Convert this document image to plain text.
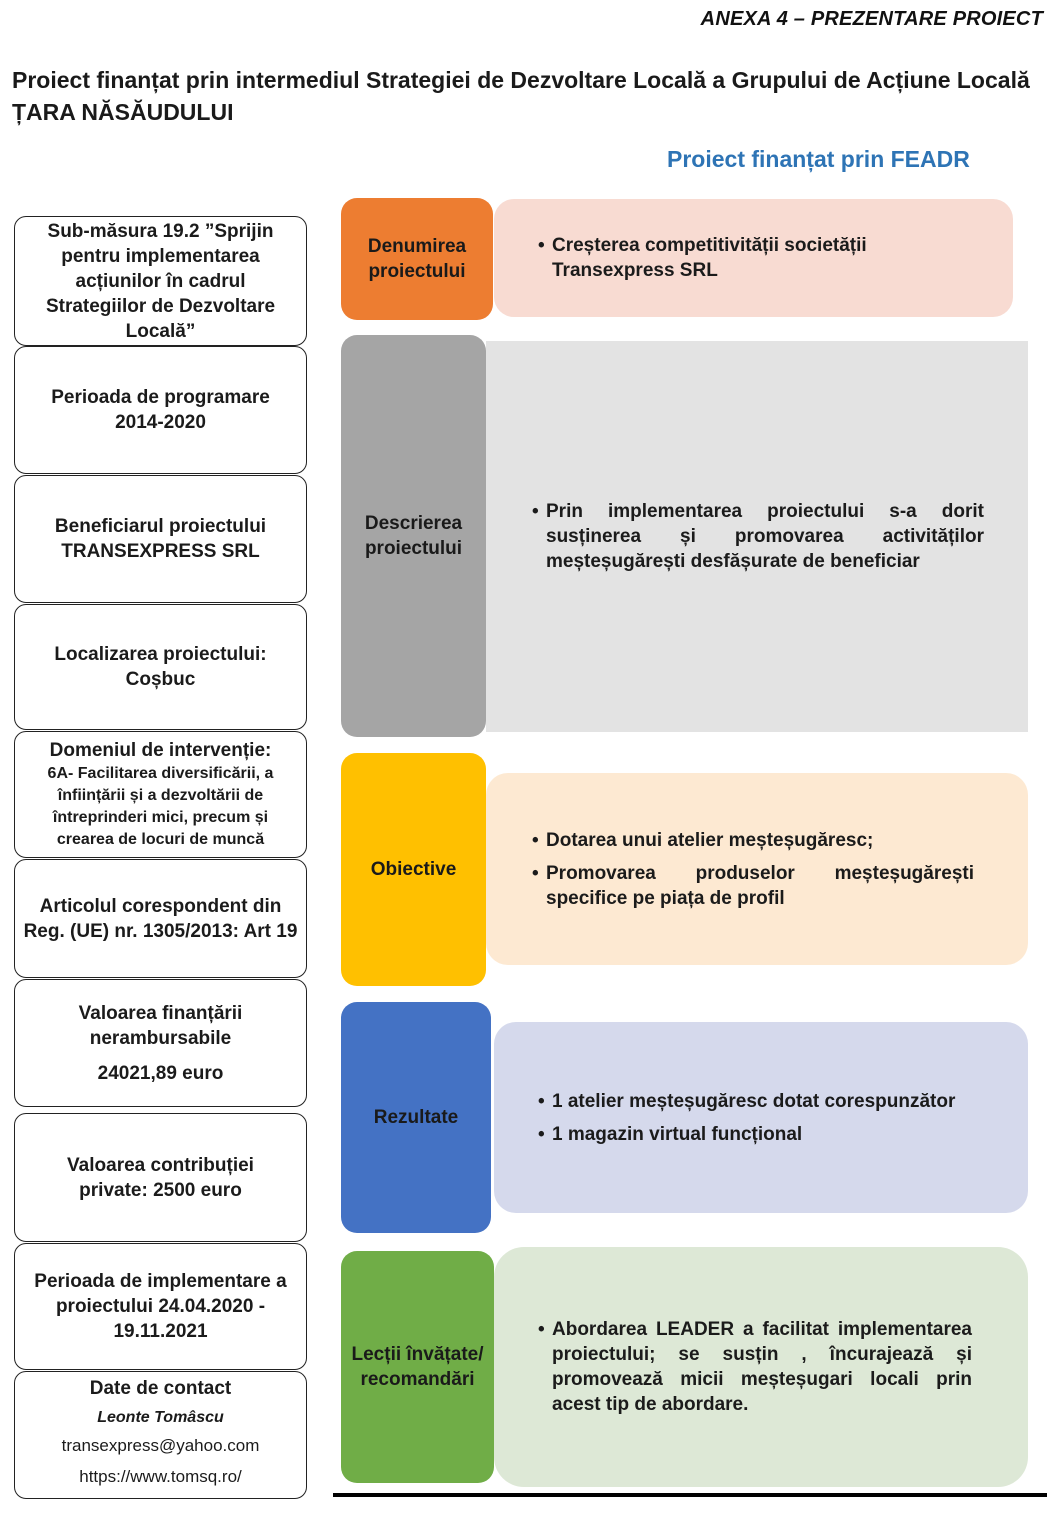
ANEXA 4 – PREZENTARE PROIECT
Proiect finanțat prin intermediul Strategiei de Dezvoltare Locală a Grupului de Acțiune Locală ȚARA NĂSĂUDULUI
Proiect finanțat prin FEADR
Sub-măsura 19.2 ”Sprijin pentru implementarea acțiunilor în cadrul Strategiilor de Dezvoltare Locală”
Perioada de programare 2014-2020
Beneficiarul proiectului
TRANSEXPRESS SRL
Localizarea proiectului:
Coșbuc
Domeniul de intervenție:
6A- Facilitarea diversificării, a înființării și a dezvoltării de întreprinderi mici, precum și crearea de locuri de muncă
Articolul corespondent din Reg. (UE) nr. 1305/2013: Art 19
Valoarea finanțării nerambursabile
24021,89 euro
Valoarea contribuției private: 2500 euro
Perioada de implementare a proiectului 24.04.2020 - 19.11.2021
Date de contact
Leonte Tomâscu
transexpress@yahoo.com
https://www.tomsq.ro/
• Creșterea competitivității societății Transexpress SRL
Denumirea proiectului
• Prin implementarea proiectului s-a dorit susținerea și promovarea activităților meșteșugărești desfășurate de beneficiar
Descrierea proiectului
• Dotarea unui atelier meșteșugăresc;
• Promovarea produselor meșteșugărești specifice pe piața de profil
Obiective
• 1 atelier meșteșugăresc dotat corespunzător
• 1 magazin virtual funcțional
Rezultate
• Abordarea LEADER a facilitat implementarea proiectului; se susțin , încurajează și promovează micii meșteșugari locali prin acest tip de abordare.
Lecții învățate/ recomandări
